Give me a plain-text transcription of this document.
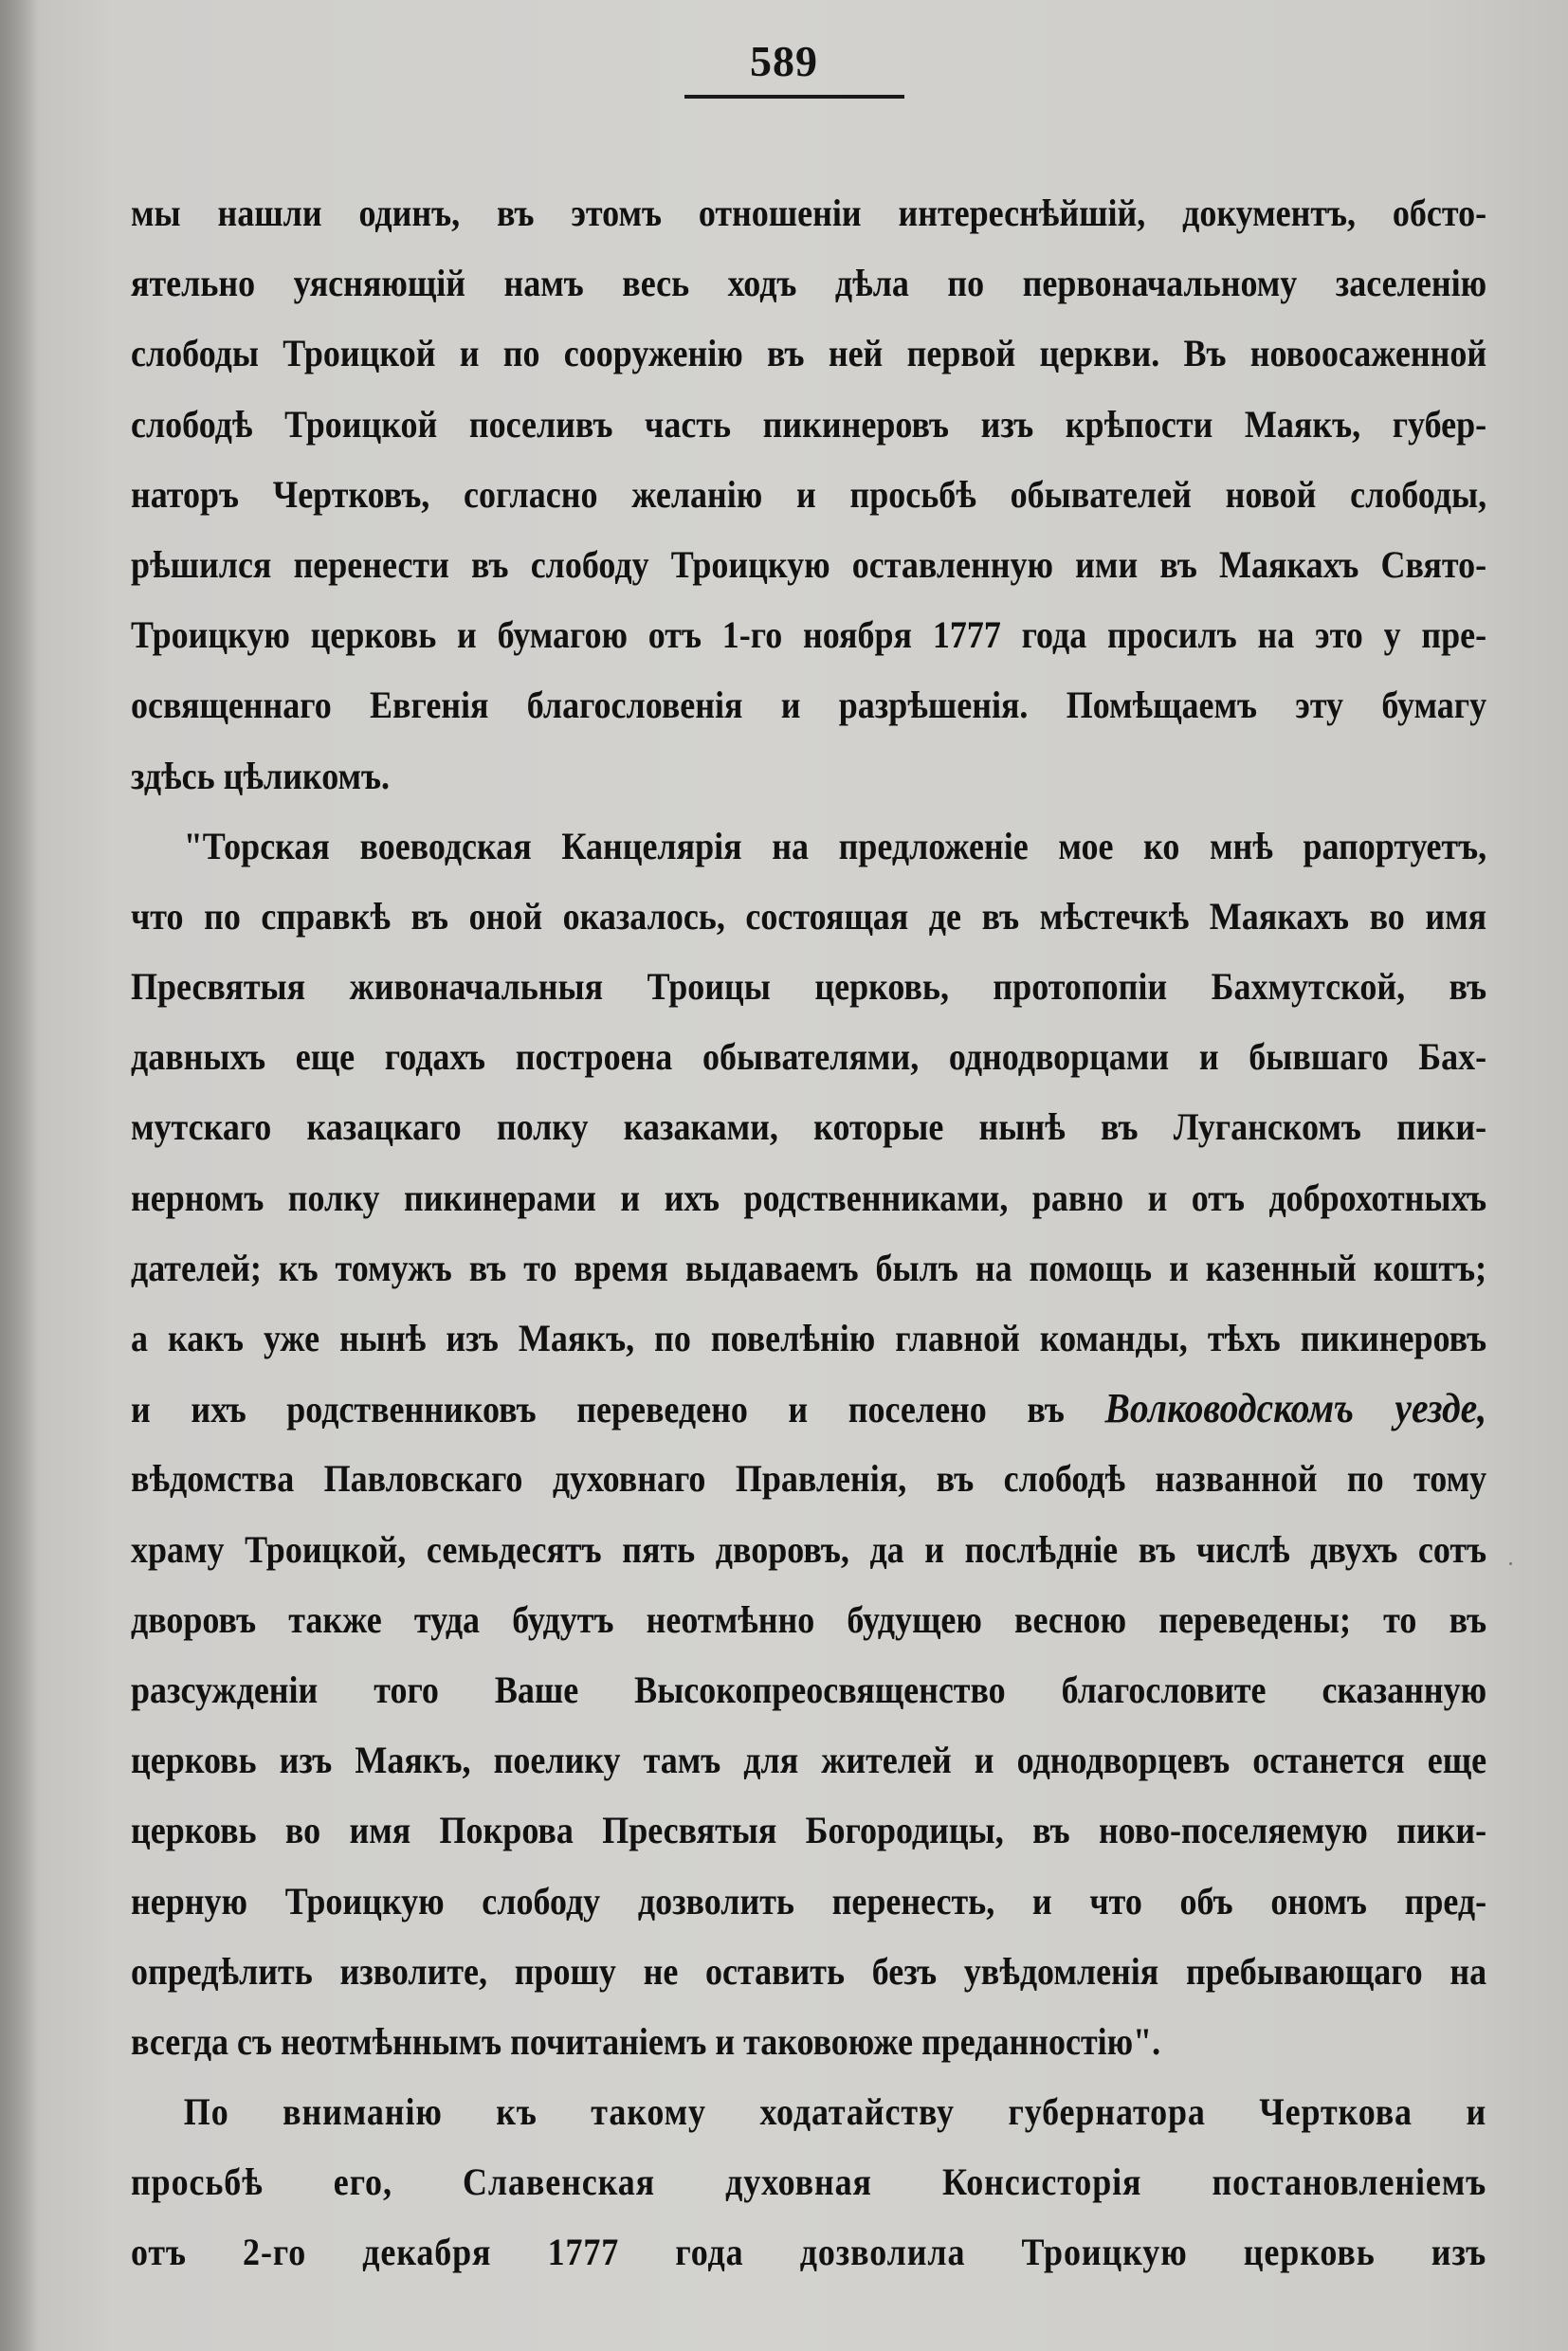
589
мы нашли одинъ, въ этомъ отношеніи интереснѣйшій, документъ, обсто-
ятельно уясняющій намъ весь ходъ дѣла по первоначальному заселенію
слободы Троицкой и по сооруженію въ ней первой церкви. Въ новоосаженной
слободѣ Троицкой поселивъ часть пикинеровъ изъ крѣпости Маякъ, губер-
наторъ Чертковъ, согласно желанію и просьбѣ обывателей новой слободы,
рѣшился перенести въ слободу Троицкую оставленную ими въ Маякахъ Свято-
Троицкую церковь и бумагою отъ 1-го ноября 1777 года просилъ на это у пре-
освященнаго Евгенія благословенія и разрѣшенія. Помѣщаемъ эту бумагу
здѣсь цѣликомъ.
"Торская воеводская Канцелярія на предложеніе мое ко мнѣ рапортуетъ,
что по справкѣ въ оной оказалось, состоящая де въ мѣстечкѣ Маякахъ во имя
Пресвятыя живоначальныя Троицы церковь, протопопіи Бахмутской, въ
давныхъ еще годахъ построена обывателями, однодворцами и бывшаго Бах-
мутскаго казацкаго полку казаками, которые нынѣ въ Луганскомъ пики-
нерномъ полку пикинерами и ихъ родственниками, равно и отъ доброхотныхъ
дателей; къ томужъ въ то время выдаваемъ былъ на помощь и казенный коштъ;
а какъ уже нынѣ изъ Маякъ, по повелѣнію главной команды, тѣхъ пикинеровъ
и ихъ родственниковъ переведено и поселено въ Волководскомъ уезде,
вѣдомства Павловскаго духовнаго Правленія, въ слободѣ названной по тому
храму Троицкой, семьдесятъ пять дворовъ, да и послѣдніе въ числѣ двухъ сотъ
дворовъ также туда будутъ неотмѣнно будущею весною переведены; то въ
разсужденіи того Ваше Высокопреосвященство благословите сказанную
церковь изъ Маякъ, поелику тамъ для жителей и однодворцевъ останется еще
церковь во имя Покрова Пресвятыя Богородицы, въ ново-поселяемую пики-
нерную Троицкую слободу дозволить перенесть, и что объ ономъ пред-
опредѣлить изволите, прошу не оставить безъ увѣдомленія пребывающаго на
всегда съ неотмѣннымъ почитаніемъ и таковоюже преданностію".
По вниманію къ такому ходатайству губернатора Черткова и
просьбѣ его, Славенская духовная Консисторія постановленіемъ
отъ 2-го декабря 1777 года дозволила Троицкую церковь изъ
